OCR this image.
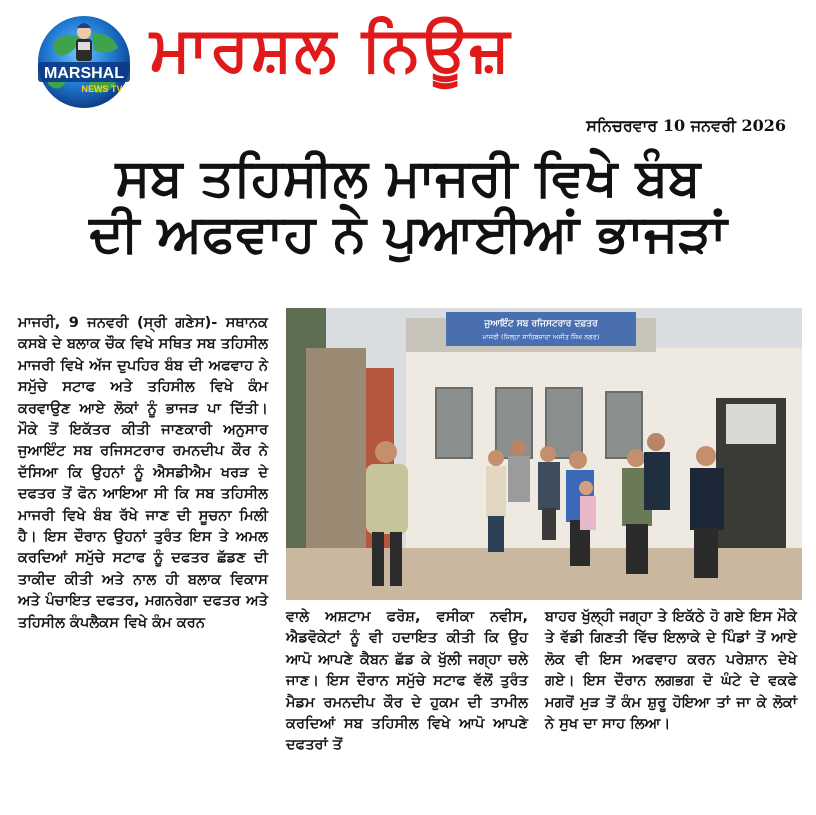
MARSHAL
NEWS TV
ਮਾਰਸ਼ਲ ਨਿਊਜ਼
ਸਨਿਚਰਵਾਰ 10 ਜਨਵਰੀ 2026
ਸਬ ਤਹਿਸੀਲ ਮਾਜਰੀ ਵਿਖੇ ਬੰਬ
ਦੀ ਅਫਵਾਹ ਨੇ ਪੁਆਈਆਂ ਭਾਜੜਾਂ

ਮਾਜਰੀ, 9 ਜਨਵਰੀ (ਸ੍ਰੀ ਗਣੇਸ)- ਸਥਾਨਕ ਕਸਬੇ ਦੇ ਬਲਾਕ ਚੌਕ ਵਿਖੇ ਸਥਿਤ ਸਬ ਤਹਿਸੀਲ ਮਾਜਰੀ ਵਿਖੇ ਅੱਜ ਦੁਪਹਿਰ ਬੰਬ ਦੀ ਅਫਵਾਹ ਨੇ ਸਮੁੱਚੇ ਸਟਾਫ ਅਤੇ ਤਹਿਸੀਲ ਵਿਖੇ ਕੰਮ ਕਰਵਾਉਣ ਆਏ ਲੋਕਾਂ ਨੂੰ ਭਾਜੜ ਪਾ ਦਿੱਤੀ। ਮੌਕੇ ਤੋਂ ਇਕੱਤਰ ਕੀਤੀ ਜਾਣਕਾਰੀ ਅਨੁਸਾਰ ਜੁਆਇੰਟ ਸਬ ਰਜਿਸਟਰਾਰ ਰਮਨਦੀਪ ਕੌਰ ਨੇ ਦੱਸਿਆ ਕਿ ਉਹਨਾਂ ਨੂੰ ਐਸਡੀਐਮ ਖਰੜ ਦੇ ਦਫਤਰ ਤੋਂ ਫੋਨ ਆਇਆ ਸੀ ਕਿ ਸਬ ਤਹਿਸੀਲ ਮਾਜਰੀ ਵਿਖੇ ਬੰਬ ਰੱਖੇ ਜਾਣ ਦੀ ਸੂਚਨਾ ਮਿਲੀ ਹੈ। ਇਸ ਦੌਰਾਨ ਉਹਨਾਂ ਤੁਰੰਤ ਇਸ ਤੇ ਅਮਲ ਕਰਦਿਆਂ ਸਮੁੱਚੇ ਸਟਾਫ ਨੂੰ ਦਫਤਰ ਛੱਡਣ ਦੀ ਤਾਕੀਦ ਕੀਤੀ ਅਤੇ ਨਾਲ ਹੀ ਬਲਾਕ ਵਿਕਾਸ ਅਤੇ ਪੰਚਾਇਤ ਦਫਤਰ, ਮਗਨਰੇਗਾ ਦਫਤਰ ਅਤੇ ਤਹਿਸੀਲ ਕੰਪਲੈਕਸ ਵਿਖੇ ਕੰਮ ਕਰਨ

ਜੁਆਇੰਟ ਸਬ ਰਜਿਸਟਰਾਰ ਦਫ਼ਤਰ
ਮਾਜਰੀ (ਜ਼ਿਲ੍ਹਾ ਸਾਹਿਬਜ਼ਾਦਾ ਅਜੀਤ ਸਿੰਘ ਨਗਰ)

ਵਾਲੇ ਅਸ਼ਟਾਮ ਫਰੋਸ਼, ਵਸੀਕਾ ਨਵੀਸ, ਐਡਵੋਕੇਟਾਂ ਨੂੰ ਵੀ ਹਦਾਇਤ ਕੀਤੀ ਕਿ ਉਹ ਆਪੋ ਆਪਣੇ ਕੈਬਨ ਛੱਡ ਕੇ ਖੁੱਲੀ ਜਗ੍ਹਾ ਚਲੇ ਜਾਣ। ਇਸ ਦੌਰਾਨ ਸਮੁੱਚੇ ਸਟਾਫ ਵੱਲੋਂ ਤੁਰੰਤ ਮੈਡਮ ਰਮਨਦੀਪ ਕੌਰ ਦੇ ਹੁਕਮ ਦੀ ਤਾਮੀਲ ਕਰਦਿਆਂ ਸਬ ਤਹਿਸੀਲ ਵਿਖੇ ਆਪੋ ਆਪਣੇ ਦਫਤਰਾਂ ਤੋਂ

ਬਾਹਰ ਖੁੱਲ੍ਹੀ ਜਗ੍ਹਾ ਤੇ ਇਕੱਠੇ ਹੋ ਗਏ ਇਸ ਮੌਕੇ ਤੇ ਵੱਡੀ ਗਿਣਤੀ ਵਿੱਚ ਇਲਾਕੇ ਦੇ ਪਿੰਡਾਂ ਤੋਂ ਆਏ ਲੋਕ ਵੀ ਇਸ ਅਫਵਾਹ ਕਰਨ ਪਰੇਸ਼ਾਨ ਦੇਖੇ ਗਏ। ਇਸ ਦੌਰਾਨ ਲਗਭਗ ਦੋ ਘੰਟੇ ਦੇ ਵਕਫੇ ਮਗਰੋਂ ਮੁੜ ਤੋਂ ਕੰਮ ਸ਼ੁਰੂ ਹੋਇਆ ਤਾਂ ਜਾ ਕੇ ਲੋਕਾਂ ਨੇ ਸੁਖ ਦਾ ਸਾਹ ਲਿਆ।
